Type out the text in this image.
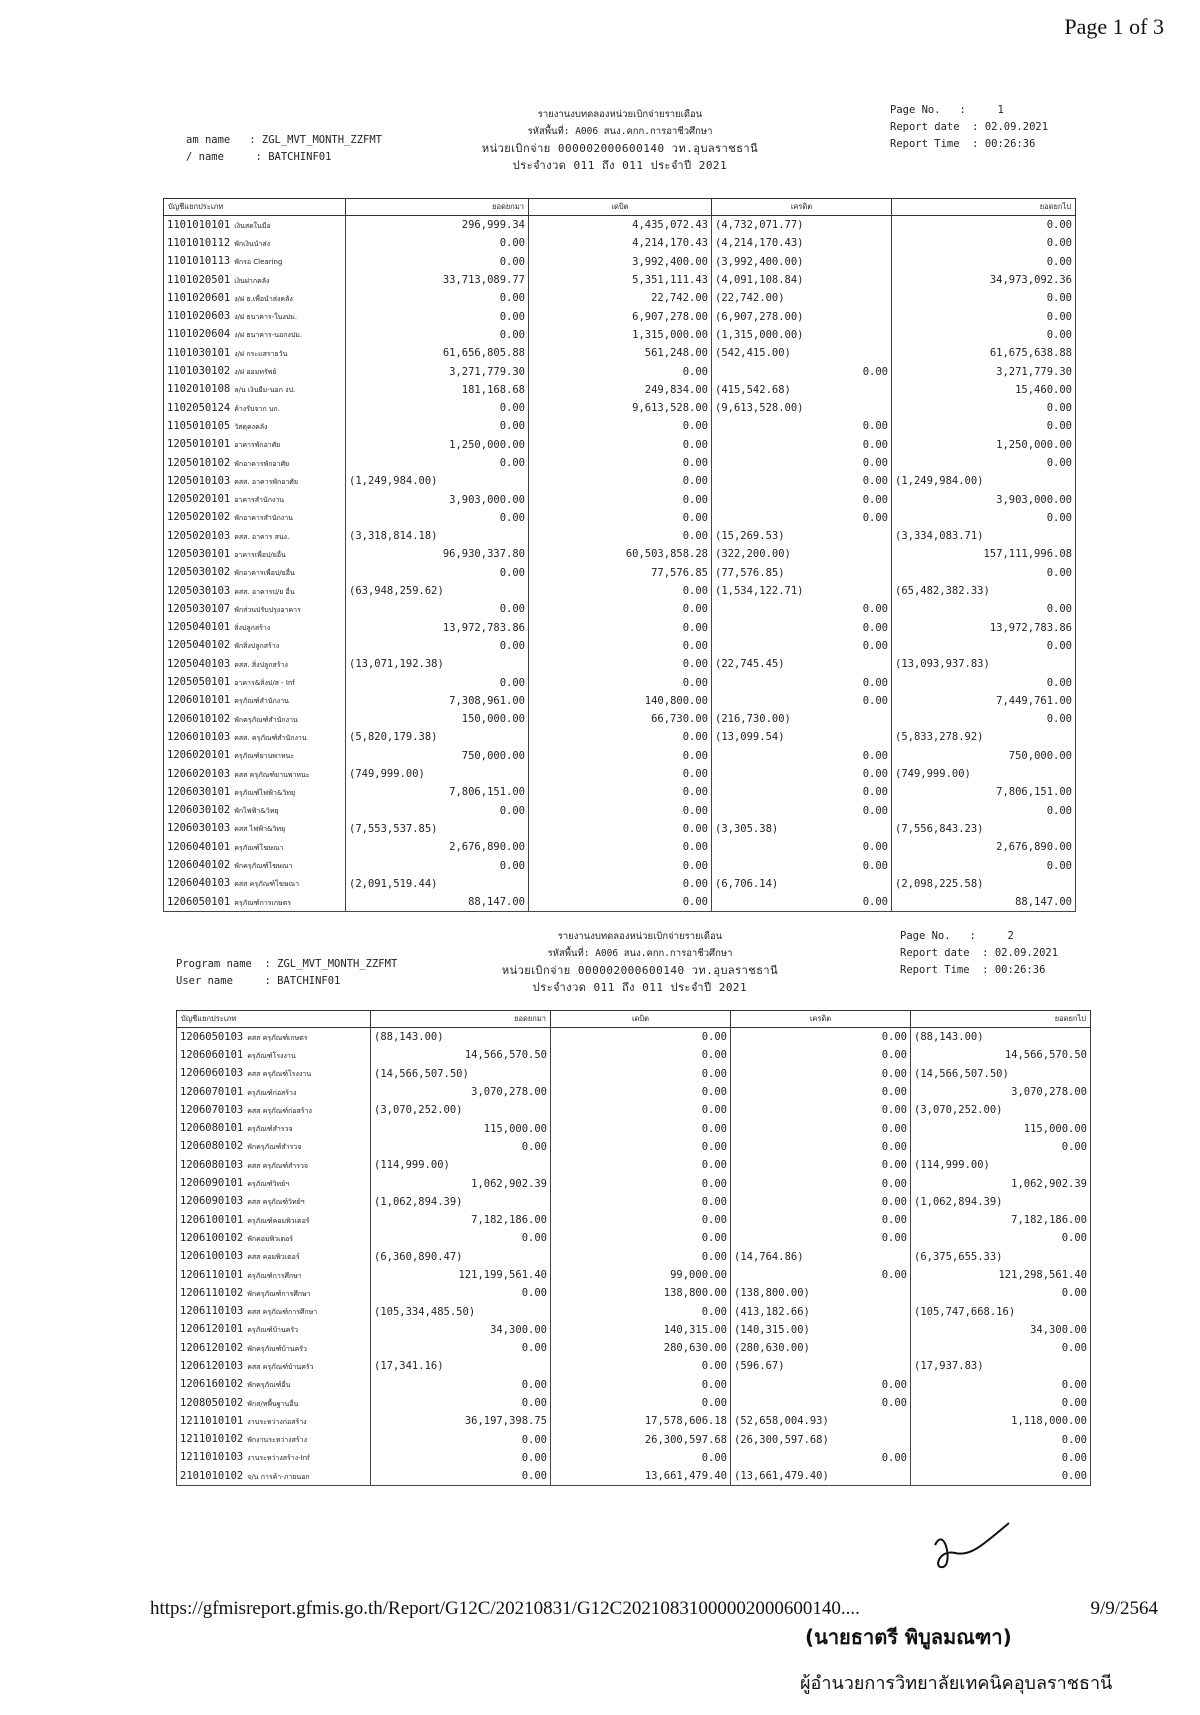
Page 1 of 3
รายงานงบทดลองหน่วยเบิกจ่ายรายเดือน
รหัสพื้นที่: A006 สนง.คกก.การอาชีวศึกษา
หน่วยเบิกจ่าย 000002000600140 วท.อุบลราชธานี
ประจำงวด 011 ถึง 011 ประจำปี 2021
am name : ZGL_MVT_MONTH_ZZFMT
/ name	: BATCHINF01
Page No.   :     1
Report date  : 02.09.2021
Report Time  : 00:26:36
บัญชีแยกประเภท	ยอดยกมา	เดบิต	เครดิต	ยอดยกไป
1101010101 เงินสดในมือ	296,999.34	4,435,072.43	(4,732,071.77)	0.00
1101010112 พักเงินนำส่ง	0.00	4,214,170.43	(4,214,170.43)	0.00
1101010113 พักรอ Clearing	0.00	3,992,400.00	(3,992,400.00)	0.00
1101020501 เงินฝากคลัง	33,713,089.77	5,351,111.43	(4,091,108.84)	34,973,092.36
1101020601 ง/ฝ ธ.เพื่อนำส่งคลัง	0.00	22,742.00	(22,742.00)	0.00
1101020603 ง/ฝ ธนาคาร-ในงปม.	0.00	6,907,278.00	(6,907,278.00)	0.00
1101020604 ง/ฝ ธนาคาร-นอกงปม.	0.00	1,315,000.00	(1,315,000.00)	0.00
1101030101 ง/ฝ กระแสรายวัน	61,656,805.88	561,248.00	(542,415.00)	61,675,638.88
1101030102 ง/ฝ ออมทรัพย์	3,271,779.30	0.00	0.00	3,271,779.30
1102010108 ล/น เงินยืม-นอก งป.	181,168.68	249,834.00	(415,542.68)	15,460.00
1102050124 ค้างรับจาก บก.	0.00	9,613,528.00	(9,613,528.00)	0.00
1105010105 วัสดุคงคลัง	0.00	0.00	0.00	0.00
1205010101 อาคารพักอาศัย	1,250,000.00	0.00	0.00	1,250,000.00
1205010102 พักอาคารพักอาศัย	0.00	0.00	0.00	0.00
1205010103 คสส. อาคารพักอาศัย	(1,249,984.00)	0.00	0.00	(1,249,984.00)
1205020101 อาคารสำนักงาน	3,903,000.00	0.00	0.00	3,903,000.00
1205020102 พักอาคารสำนักงาน	0.00	0.00	0.00	0.00
1205020103 คสส. อาคาร สนง.	(3,318,814.18)	0.00	(15,269.53)	(3,334,083.71)
1205030101 อาคารเพื่อป/ยอื่น	96,930,337.80	60,503,858.28	(322,200.00)	157,111,996.08
1205030102 พักอาคารเพื่อป/ยอื่น	0.00	77,576.85	(77,576.85)	0.00
1205030103 คสส. อาคารป/ย อื่น	(63,948,259.62)	0.00	(1,534,122.71)	(65,482,382.33)
1205030107 พักส่วนปรับปรุงอาคาร	0.00	0.00	0.00	0.00
1205040101 สิ่งปลูกสร้าง	13,972,783.86	0.00	0.00	13,972,783.86
1205040102 พักสิ่งปลูกสร้าง	0.00	0.00	0.00	0.00
1205040103 คสส. สิ่งปลูกสร้าง	(13,071,192.38)	0.00	(22,745.45)	(13,093,937.83)
1205050101 อาคาร&สิ่งป/ส - Inf	0.00	0.00	0.00	0.00
1206010101 ครุภัณฑ์สำนักงาน	7,308,961.00	140,800.00	0.00	7,449,761.00
1206010102 พักครุภัณฑ์สำนักงาน	150,000.00	66,730.00	(216,730.00)	0.00
1206010103 คสส. ครุภัณฑ์สำนักงาน	(5,820,179.38)	0.00	(13,099.54)	(5,833,278.92)
1206020101 ครุภัณฑ์ยานพาหนะ	750,000.00	0.00	0.00	750,000.00
1206020103 คสส ครุภัณฑ์ยานพาหนะ	(749,999.00)	0.00	0.00	(749,999.00)
1206030101 ครุภัณฑ์ไฟฟ้า&วิทยุ	7,806,151.00	0.00	0.00	7,806,151.00
1206030102 พักไฟฟ้า&วิทยุ	0.00	0.00	0.00	0.00
1206030103 คสส ไฟฟ้า&วิทยุ	(7,553,537.85)	0.00	(3,305.38)	(7,556,843.23)
1206040101 ครุภัณฑ์โฆษณา	2,676,890.00	0.00	0.00	2,676,890.00
1206040102 พักครุภัณฑ์โฆษณา	0.00	0.00	0.00	0.00
1206040103 คสส ครุภัณฑ์โฆษณา	(2,091,519.44)	0.00	(6,706.14)	(2,098,225.58)
1206050101 ครุภัณฑ์การเกษตร	88,147.00	0.00	0.00	88,147.00
รายงานงบทดลองหน่วยเบิกจ่ายรายเดือน
รหัสพื้นที่: A006 สนง.คกก.การอาชีวศึกษา
หน่วยเบิกจ่าย 000002000600140 วท.อุบลราชธานี
ประจำงวด 011 ถึง 011 ประจำปี 2021
Program name : ZGL_MVT_MONTH_ZZFMT
User name	: BATCHINF01
Page No.   :     2
Report date  : 02.09.2021
Report Time  : 00:26:36
บัญชีแยกประเภท	ยอดยกมา	เดบิต	เครดิต	ยอดยกไป
1206050103 คสส ครุภัณฑ์เกษตร	(88,143.00)	0.00	0.00	(88,143.00)
1206060101 ครุภัณฑ์โรงงาน	14,566,570.50	0.00	0.00	14,566,570.50
1206060103 คสส ครุภัณฑ์โรงงาน	(14,566,507.50)	0.00	0.00	(14,566,507.50)
1206070101 ครุภัณฑ์ก่อสร้าง	3,070,278.00	0.00	0.00	3,070,278.00
1206070103 คสส ครุภัณฑ์ก่อสร้าง	(3,070,252.00)	0.00	0.00	(3,070,252.00)
1206080101 ครุภัณฑ์สำรวจ	115,000.00	0.00	0.00	115,000.00
1206080102 พักครุภัณฑ์สำรวจ	0.00	0.00	0.00	0.00
1206080103 คสส ครุภัณฑ์สำรวจ	(114,999.00)	0.00	0.00	(114,999.00)
1206090101 ครุภัณฑ์วิทย์ฯ	1,062,902.39	0.00	0.00	1,062,902.39
1206090103 คสส ครุภัณฑ์วิทย์ฯ	(1,062,894.39)	0.00	0.00	(1,062,894.39)
1206100101 ครุภัณฑ์คอมพิวเตอร์	7,182,186.00	0.00	0.00	7,182,186.00
1206100102 พักคอมพิวเตอร์	0.00	0.00	0.00	0.00
1206100103 คสส คอมพิวเตอร์	(6,360,890.47)	0.00	(14,764.86)	(6,375,655.33)
1206110101 ครุภัณฑ์การศึกษา	121,199,561.40	99,000.00	0.00	121,298,561.40
1206110102 พักครุภัณฑ์การศึกษา	0.00	138,800.00	(138,800.00)	0.00
1206110103 คสส ครุภัณฑ์การศึกษา	(105,334,485.50)	0.00	(413,182.66)	(105,747,668.16)
1206120101 ครุภัณฑ์บ้านครัว	34,300.00	140,315.00	(140,315.00)	34,300.00
1206120102 พักครุภัณฑ์บ้านครัว	0.00	280,630.00	(280,630.00)	0.00
1206120103 คสส ครุภัณฑ์บ้านครัว	(17,341.16)	0.00	(596.67)	(17,937.83)
1206160102 พักครุภัณฑ์อื่น	0.00	0.00	0.00	0.00
1208050102 พักส/ทพื้นฐานอื่น	0.00	0.00	0.00	0.00
1211010101 งานระหว่างก่อสร้าง	36,197,398.75	17,578,606.18	(52,658,004.93)	1,118,000.00
1211010102 พักงานระหว่างสร้าง	0.00	26,300,597.68	(26,300,597.68)	0.00
1211010103 งานระหว่างสร้าง-Inf	0.00	0.00	0.00	0.00
2101010102 จ/น การค้า-ภายนอก	0.00	13,661,479.40	(13,661,479.40)	0.00
https://gfmisreport.gfmis.go.th/Report/G12C/20210831/G12C20210831000002000600140....	9/9/2564
(นายธาตรี พิบูลมณฑา)
ผู้อำนวยการวิทยาลัยเทคนิคอุบลราชธานี
